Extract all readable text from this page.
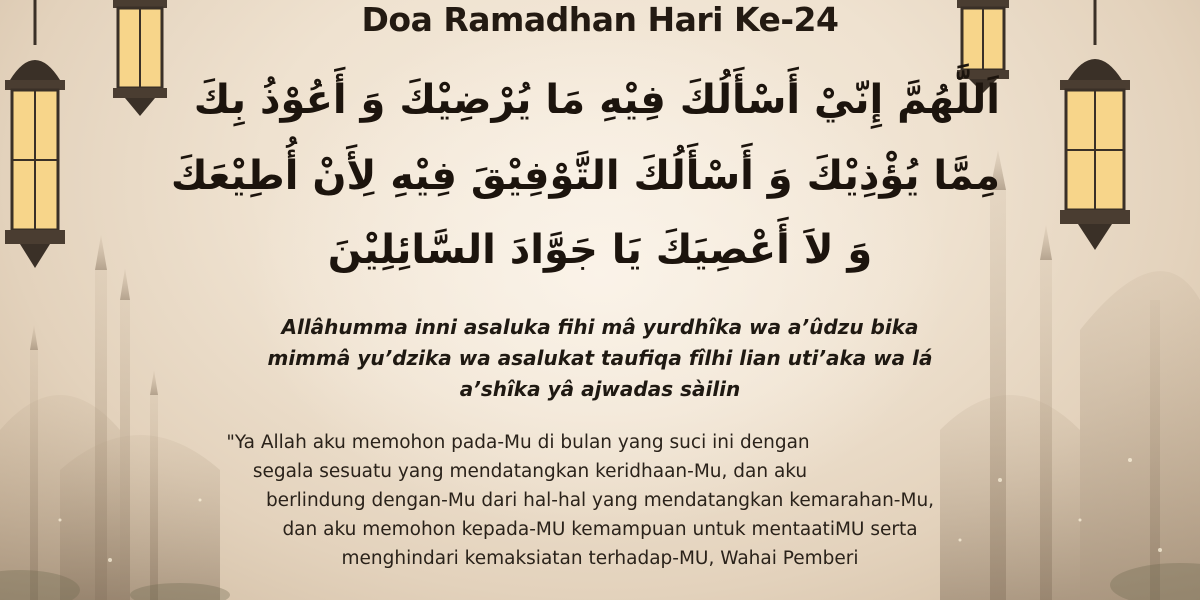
Doa Ramadhan Hari Ke-24
اَللَّهُمَّ إِنّيْ أَسْأَلُكَ فِيْهِ مَا يُرْضِيْكَ وَ أَعُوْذُ بِكَ
مِمَّا يُؤْذِيْكَ وَ أَسْأَلُكَ التَّوْفِيْقَ فِيْهِ لِأَنْ أُطِيْعَكَ
وَ لاَ أَعْصِيَكَ يَا جَوَّادَ السَّائِلِيْنَ
Allâhumma inni asaluka fihi mâ yurdhîka wa a’ûdzu bika
mimmâ yu’dzika wa asalukat taufiqa fîlhi lian uti’aka wa lá
a’shîka yâ ajwadas sàilin
"Ya Allah aku memohon pada-Mu di bulan yang suci ini dengan
segala sesuatu yang mendatangkan keridhaan-Mu, dan aku
berlindung dengan-Mu dari hal-hal yang mendatangkan kemarahan-Mu,
dan aku memohon kepada-MU kemampuan untuk mentaatiMU serta
menghindari kemaksiatan terhadap-MU, Wahai Pemberi
